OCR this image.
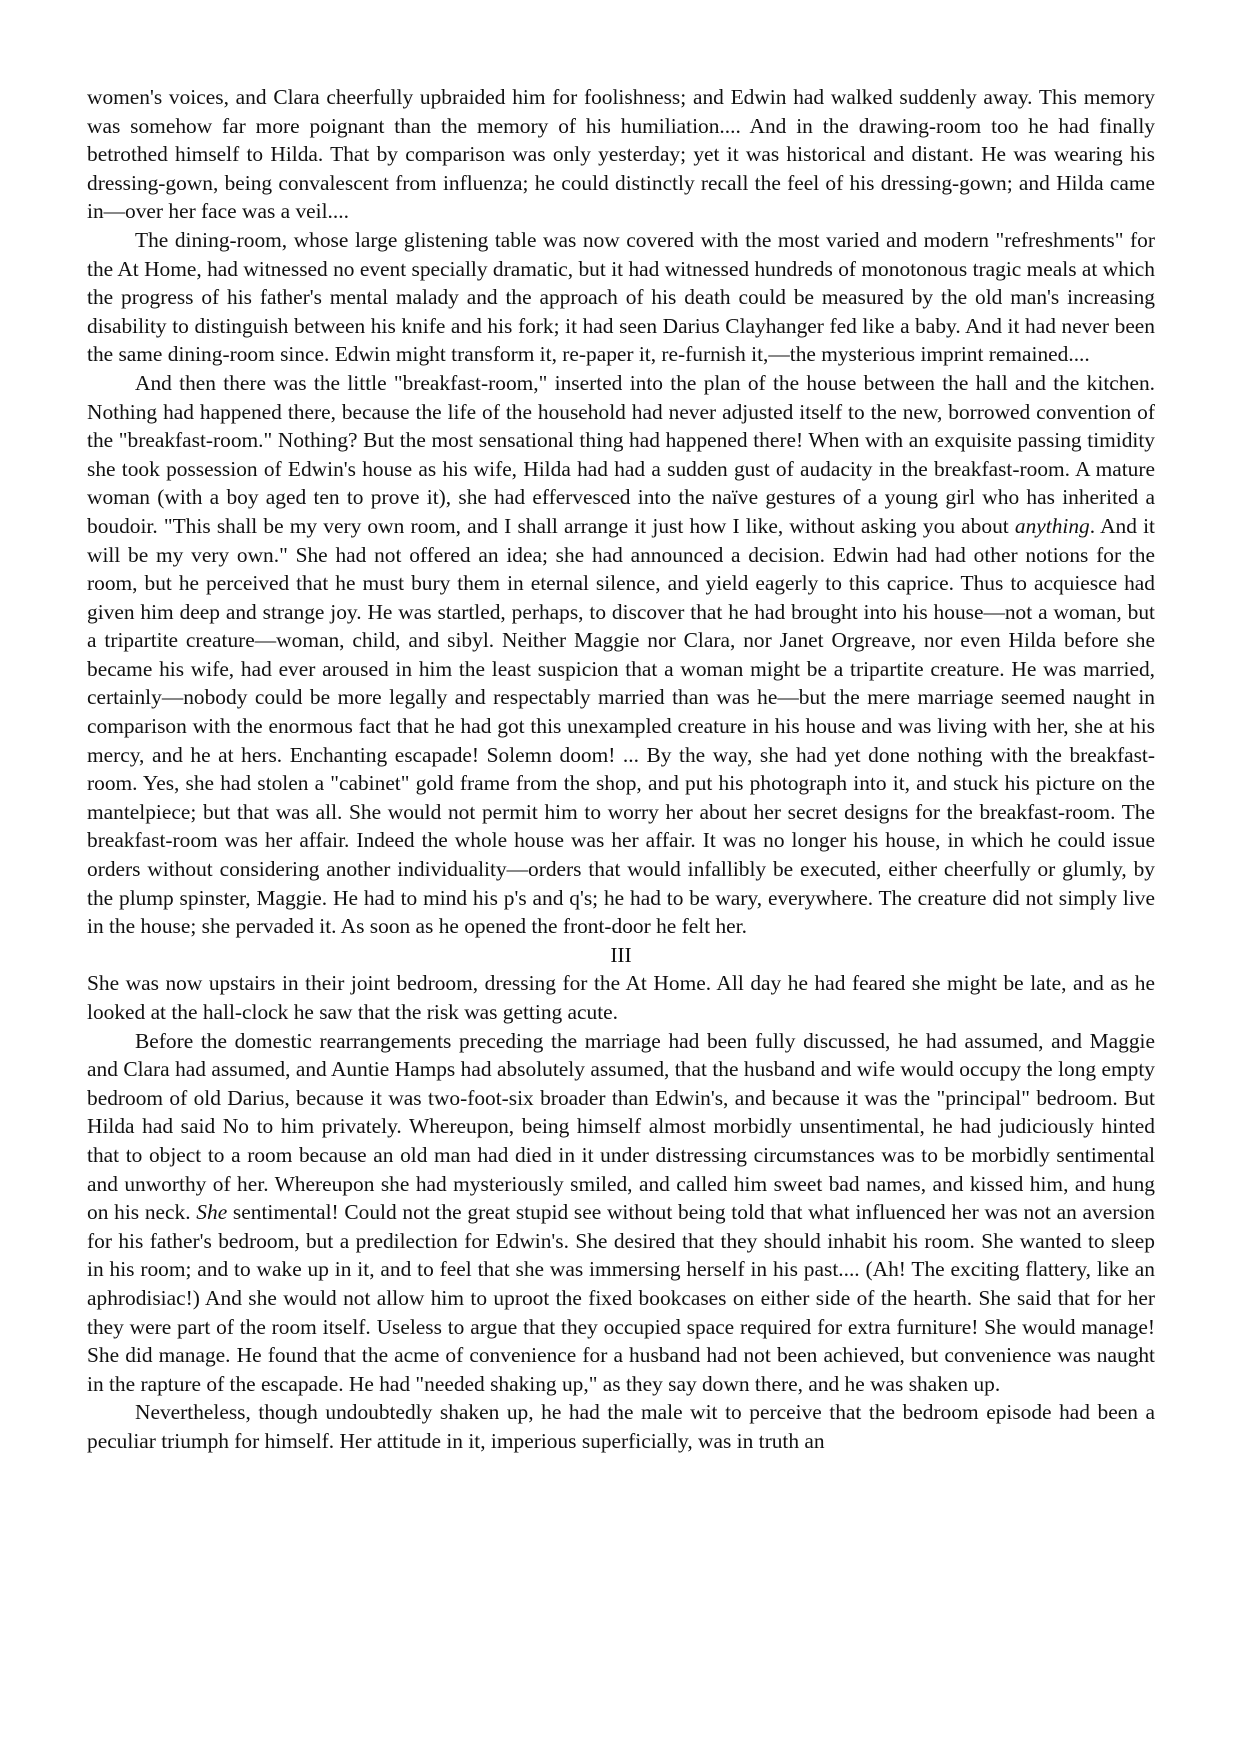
women's voices, and Clara cheerfully upbraided him for foolishness; and Edwin had walked suddenly away. This memory was somehow far more poignant than the memory of his humiliation.... And in the drawing-room too he had finally betrothed himself to Hilda. That by comparison was only yesterday; yet it was historical and distant. He was wearing his dressing-gown, being convalescent from influenza; he could distinctly recall the feel of his dressing-gown; and Hilda came in—over her face was a veil....

The dining-room, whose large glistening table was now covered with the most varied and modern "refreshments" for the At Home, had witnessed no event specially dramatic, but it had witnessed hundreds of monotonous tragic meals at which the progress of his father's mental malady and the approach of his death could be measured by the old man's increasing disability to distinguish between his knife and his fork; it had seen Darius Clayhanger fed like a baby. And it had never been the same dining-room since. Edwin might transform it, re-paper it, re-furnish it,—the mysterious imprint remained....

And then there was the little "breakfast-room," inserted into the plan of the house between the hall and the kitchen. Nothing had happened there, because the life of the household had never adjusted itself to the new, borrowed convention of the "breakfast-room." Nothing? But the most sensational thing had happened there! When with an exquisite passing timidity she took possession of Edwin's house as his wife, Hilda had had a sudden gust of audacity in the breakfast-room. A mature woman (with a boy aged ten to prove it), she had effervesced into the naïve gestures of a young girl who has inherited a boudoir. "This shall be my very own room, and I shall arrange it just how I like, without asking you about anything. And it will be my very own." She had not offered an idea; she had announced a decision. Edwin had had other notions for the room, but he perceived that he must bury them in eternal silence, and yield eagerly to this caprice. Thus to acquiesce had given him deep and strange joy. He was startled, perhaps, to discover that he had brought into his house—not a woman, but a tripartite creature—woman, child, and sibyl. Neither Maggie nor Clara, nor Janet Orgreave, nor even Hilda before she became his wife, had ever aroused in him the least suspicion that a woman might be a tripartite creature. He was married, certainly—nobody could be more legally and respectably married than was he—but the mere marriage seemed naught in comparison with the enormous fact that he had got this unexampled creature in his house and was living with her, she at his mercy, and he at hers. Enchanting escapade! Solemn doom! ... By the way, she had yet done nothing with the breakfast-room. Yes, she had stolen a "cabinet" gold frame from the shop, and put his photograph into it, and stuck his picture on the mantelpiece; but that was all. She would not permit him to worry her about her secret designs for the breakfast-room. The breakfast-room was her affair. Indeed the whole house was her affair. It was no longer his house, in which he could issue orders without considering another individuality—orders that would infallibly be executed, either cheerfully or glumly, by the plump spinster, Maggie. He had to mind his p's and q's; he had to be wary, everywhere. The creature did not simply live in the house; she pervaded it. As soon as he opened the front-door he felt her.

III

She was now upstairs in their joint bedroom, dressing for the At Home. All day he had feared she might be late, and as he looked at the hall-clock he saw that the risk was getting acute.

Before the domestic rearrangements preceding the marriage had been fully discussed, he had assumed, and Maggie and Clara had assumed, and Auntie Hamps had absolutely assumed, that the husband and wife would occupy the long empty bedroom of old Darius, because it was two-foot-six broader than Edwin's, and because it was the "principal" bedroom. But Hilda had said No to him privately. Whereupon, being himself almost morbidly unsentimental, he had judiciously hinted that to object to a room because an old man had died in it under distressing circumstances was to be morbidly sentimental and unworthy of her. Whereupon she had mysteriously smiled, and called him sweet bad names, and kissed him, and hung on his neck. She sentimental! Could not the great stupid see without being told that what influenced her was not an aversion for his father's bedroom, but a predilection for Edwin's. She desired that they should inhabit his room. She wanted to sleep in his room; and to wake up in it, and to feel that she was immersing herself in his past.... (Ah! The exciting flattery, like an aphrodisiac!) And she would not allow him to uproot the fixed bookcases on either side of the hearth. She said that for her they were part of the room itself. Useless to argue that they occupied space required for extra furniture! She would manage! She did manage. He found that the acme of convenience for a husband had not been achieved, but convenience was naught in the rapture of the escapade. He had "needed shaking up," as they say down there, and he was shaken up.

Nevertheless, though undoubtedly shaken up, he had the male wit to perceive that the bedroom episode had been a peculiar triumph for himself. Her attitude in it, imperious superficially, was in truth an
